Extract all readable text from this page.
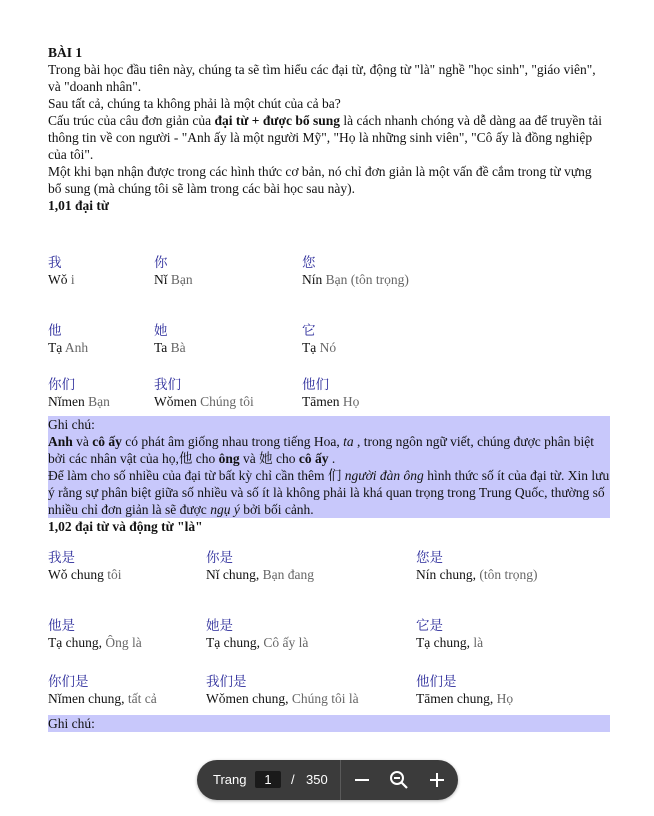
BÀI 1

Trong bài học đầu tiên này, chúng ta sẽ tìm hiểu các đại từ, động từ "là" nghề "học sinh", "giáo viên", và "doanh nhân".

Sau tất cả, chúng ta không phải là một chút của cả ba?

Cấu trúc của câu đơn giản của đại từ + được bổ sung là cách nhanh chóng và dễ dàng aa để truyền tải thông tin về con người - "Anh ấy là một người Mỹ", "Họ là những sinh viên", "Cô ấy là đồng nghiệp của tôi".

Một khi bạn nhận được trong các hình thức cơ bản, nó chỉ đơn giản là một vấn đề cắm trong từ vựng bổ sung (mà chúng tôi sẽ làm trong các bài học sau này).

1,01 đại từ

我
Wǒ i
你
Nǐ Bạn
您
Nín Bạn (tôn trọng)
他
Tạ Anh
她
Ta Bà
它
Tạ Nó
你们
Nǐmen Bạn
我们
Wǒmen Chúng tôi
他们
Tāmen Họ

Ghi chú:

Anh và cô ấy có phát âm giống nhau trong tiếng Hoa, ta , trong ngôn ngữ viết, chúng được phân biệt bởi các nhân vật của họ,他 cho ông và 她 cho cô ấy .

Để làm cho số nhiều của đại từ bất kỳ chỉ cần thêm 们 người đàn ông hình thức số ít của đại từ. Xin lưu ý rằng sự phân biệt giữa số nhiều và số ít là không phải là khá quan trọng trong Trung Quốc, thường số nhiều chỉ đơn giản là sẽ được ngụ ý bởi bối cảnh.

1,02 đại từ và động từ "là"

我是
Wǒ chung tôi
你是
Nǐ chung, Bạn đang
您是
Nín chung, (tôn trọng)
他是
Tạ chung, Ông là
她是
Tạ chung, Cô ấy là
它是
Tạ chung, là
你们是
Nǐmen chung, tất cả
我们是
Wǒmen chung, Chúng tôi là
他们是
Tāmen chung, Họ

Ghi chú:

Trang	1	/ 350
